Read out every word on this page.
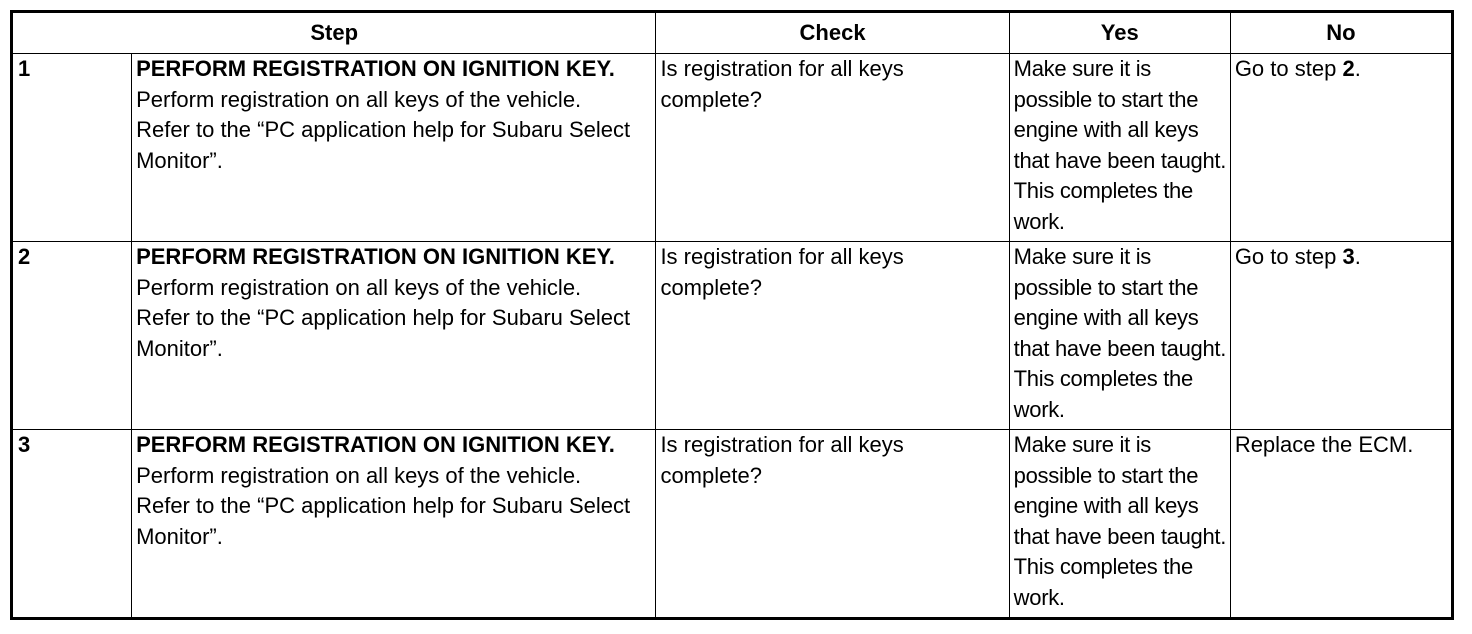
Step		Check	Yes	No
1	PERFORM REGISTRATION ON IGNITION KEY.
Perform registration on all keys of the vehicle.
Refer to the “PC application help for Subaru Select Monitor”.	Is registration for all keys complete?	Make sure it is possible to start the engine with all keys that have been taught. This completes the work.	Go to step 2.
2	PERFORM REGISTRATION ON IGNITION KEY.
Perform registration on all keys of the vehicle.
Refer to the “PC application help for Subaru Select Monitor”.	Is registration for all keys complete?	Make sure it is possible to start the engine with all keys that have been taught. This completes the work.	Go to step 3.
3	PERFORM REGISTRATION ON IGNITION KEY.
Perform registration on all keys of the vehicle.
Refer to the “PC application help for Subaru Select Monitor”.	Is registration for all keys complete?	Make sure it is possible to start the engine with all keys that have been taught. This completes the work.	Replace the ECM.
